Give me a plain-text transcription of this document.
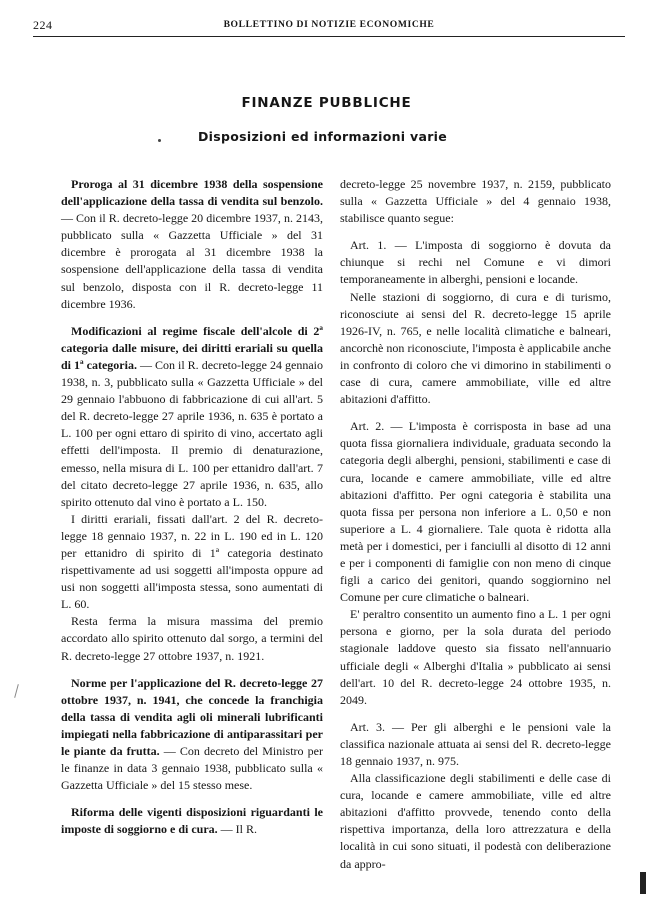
224	BOLLETTINO DI NOTIZIE ECONOMICHE
FINANZE PUBBLICHE
Disposizioni ed informazioni varie

Proroga al 31 dicembre 1938 della sospensione dell'applicazione della tassa di vendita sul benzolo. — Con il R. decreto-legge 20 dicembre 1937, n. 2143, pubblicato sulla « Gazzetta Ufficiale » del 31 dicembre è prorogata al 31 dicembre 1938 la sospensione dell'applicazione della tassa di vendita sul benzolo, disposta con il R. decreto-legge 11 dicembre 1936.

Modificazioni al regime fiscale dell'alcole di 2ª categoria dalle misure, dei diritti erariali su quella di 1ª categoria. — Con il R. decreto-legge 24 gennaio 1938, n. 3, pubblicato sulla « Gazzetta Ufficiale » del 29 gennaio l'abbuono di fabbricazione di cui all'art. 5 del R. decreto-legge 27 aprile 1936, n. 635 è portato a L. 100 per ogni ettaro di spirito di vino, accertato agli effetti dell'imposta. Il premio di denaturazione, emesso, nella misura di L. 100 per ettanidro dall'art. 7 del citato decreto-legge 27 aprile 1936, n. 635, allo spirito ottenuto dal vino è portato a L. 150.

I diritti erariali, fissati dall'art. 2 del R. decreto-legge 18 gennaio 1937, n. 22 in L. 190 ed in L. 120 per ettanidro di spirito di 1ª categoria destinato rispettivamente ad usi soggetti all'imposta oppure ad usi non soggetti all'imposta stessa, sono aumentati di L. 60.

Resta ferma la misura massima del premio accordato allo spirito ottenuto dal sorgo, a termini del R. decreto-legge 27 ottobre 1937, n. 1921.

Norme per l'applicazione del R. decreto-legge 27 ottobre 1937, n. 1941, che concede la franchigia della tassa di vendita agli oli minerali lubrificanti impiegati nella fabbricazione di antiparassitari per le piante da frutta. — Con decreto del Ministro per le finanze in data 3 gennaio 1938, pubblicato sulla « Gazzetta Ufficiale » del 15 stesso mese.

Riforma delle vigenti disposizioni riguardanti le imposte di soggiorno e di cura. — Il R.

decreto-legge 25 novembre 1937, n. 2159, pubblicato sulla « Gazzetta Ufficiale » del 4 gennaio 1938, stabilisce quanto segue:

Art. 1. — L'imposta di soggiorno è dovuta da chiunque si rechi nel Comune e vi dimori temporaneamente in alberghi, pensioni e locande.

Nelle stazioni di soggiorno, di cura e di turismo, riconosciute ai sensi del R. decreto-legge 15 aprile 1926-IV, n. 765, e nelle località climatiche e balneari, ancorchè non riconosciute, l'imposta è applicabile anche in confronto di coloro che vi dimorino in stabilimenti o case di cura, camere ammobiliate, ville ed altre abitazioni d'affitto.

Art. 2. — L'imposta è corrisposta in base ad una quota fissa giornaliera individuale, graduata secondo la categoria degli alberghi, pensioni, stabilimenti e case di cura, locande e camere ammobiliate, ville ed altre abitazioni d'affitto. Per ogni categoria è stabilita una quota fissa per persona non inferiore a L. 0,50 e non superiore a L. 4 giornaliere. Tale quota è ridotta alla metà per i domestici, per i fanciulli al disotto di 12 anni e per i componenti di famiglie con non meno di cinque figli a carico dei genitori, quando soggiornino nel Comune per cure climatiche o balneari.

E' peraltro consentito un aumento fino a L. 1 per ogni persona e giorno, per la sola durata del periodo stagionale laddove questo sia fissato nell'annuario ufficiale degli « Alberghi d'Italia » pubblicato ai sensi dell'art. 10 del R. decreto-legge 24 ottobre 1935, n. 2049.

Art. 3. — Per gli alberghi e le pensioni vale la classifica nazionale attuata ai sensi del R. decreto-legge 18 gennaio 1937, n. 975.

Alla classificazione degli stabilimenti e delle case di cura, locande e camere ammobiliate, ville ed altre abitazioni d'affitto provvede, tenendo conto della rispettiva importanza, della loro attrezzatura e della località in cui sono situati, il podestà con deliberazione da appro-
